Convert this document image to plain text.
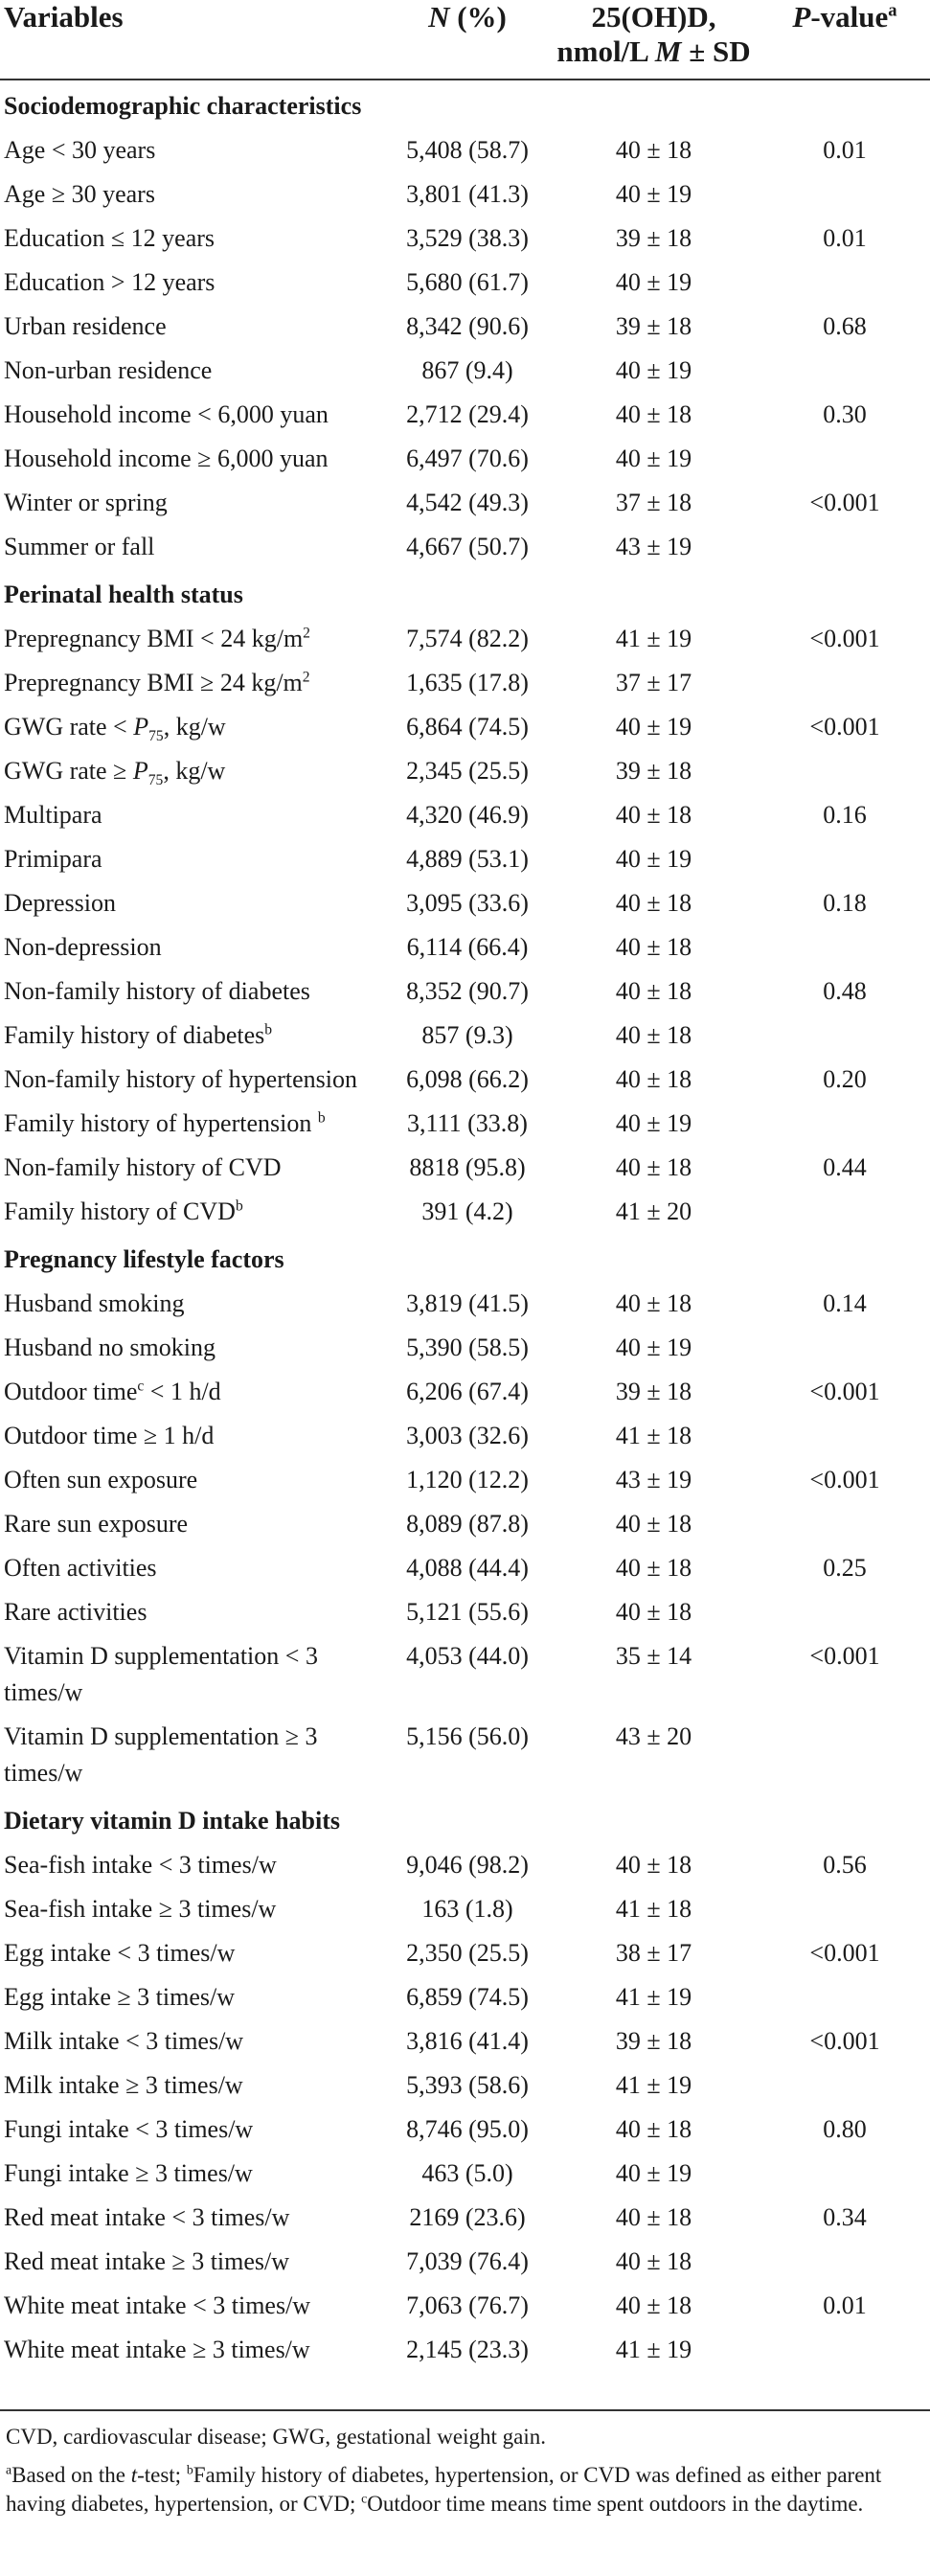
Variables	N (%)	25(OH)D,
nmol/L M ± SD	P-value$^a$
Sociodemographic characteristics			
Age < 30 years	5,408 (58.7)	40 ± 18	0.01
Age ≥ 30 years	3,801 (41.3)	40 ± 19	
Education ≤ 12 years	3,529 (38.3)	39 ± 18	0.01
Education > 12 years	5,680 (61.7)	40 ± 19	
Urban residence	8,342 (90.6)	39 ± 18	0.68
Non-urban residence	867 (9.4)	40 ± 19	
Household income < 6,000 yuan	2,712 (29.4)	40 ± 18	0.30
Household income ≥ 6,000 yuan	6,497 (70.6)	40 ± 19	
Winter or spring	4,542 (49.3)	37 ± 18	<0.001
Summer or fall	4,667 (50.7)	43 ± 19	
Perinatal health status			
Prepregnancy BMI < 24 $kg/m^2$	7,574 (82.2)	41 ± 19	<0.001
Prepregnancy BMI ≥ 24 $kg/m^2$	1,635 (17.8)	37 ± 17	
GWG rate < $P_{75}$, kg/w	6,864 (74.5)	40 ± 19	<0.001
GWG rate ≥ $P_{75}$, kg/w	2,345 (25.5)	39 ± 18	
Multipara	4,320 (46.9)	40 ± 18	0.16
Primipara	4,889 (53.1)	40 ± 19	
Depression	3,095 (33.6)	40 ± 18	0.18
Non-depression	6,114 (66.4)	40 ± 18	
Non-family history of diabetes	8,352 (90.7)	40 ± 18	0.48
Family history of diabetes$^b$	857 (9.3)	40 ± 18	
Non-family history of hypertension	6,098 (66.2)	40 ± 18	0.20
Family history of hypertension $^b$	3,111 (33.8)	40 ± 19	
Non-family history of CVD	8818 (95.8)	40 ± 18	0.44
Family history of CVD$^b$	391 (4.2)	41 ± 20	
Pregnancy lifestyle factors			
Husband smoking	3,819 (41.5)	40 ± 18	0.14
Husband no smoking	5,390 (58.5)	40 ± 19	
Outdoor time$^c$ < 1 h/d	6,206 (67.4)	39 ± 18	<0.001
Outdoor time ≥ 1 h/d	3,003 (32.6)	41 ± 18	
Often sun exposure	1,120 (12.2)	43 ± 19	<0.001
Rare sun exposure	8,089 (87.8)	40 ± 18	
Often activities	4,088 (44.4)	40 ± 18	0.25
Rare activities	5,121 (55.6)	40 ± 18	
Vitamin D supplementation < 3 times/w	4,053 (44.0)	35 ± 14	<0.001
Vitamin D supplementation ≥ 3 times/w	5,156 (56.0)	43 ± 20	
Dietary vitamin D intake habits			
Sea-fish intake < 3 times/w	9,046 (98.2)	40 ± 18	0.56
Sea-fish intake ≥ 3 times/w	163 (1.8)	41 ± 18	
Egg intake < 3 times/w	2,350 (25.5)	38 ± 17	<0.001
Egg intake ≥ 3 times/w	6,859 (74.5)	41 ± 19	
Milk intake < 3 times/w	3,816 (41.4)	39 ± 18	<0.001
Milk intake ≥ 3 times/w	5,393 (58.6)	41 ± 19	
Fungi intake < 3 times/w	8,746 (95.0)	40 ± 18	0.80
Fungi intake ≥ 3 times/w	463 (5.0)	40 ± 19	
Red meat intake < 3 times/w	2169 (23.6)	40 ± 18	0.34
Red meat intake ≥ 3 times/w	7,039 (76.4)	40 ± 18	
White meat intake < 3 times/w	7,063 (76.7)	40 ± 18	0.01
White meat intake ≥ 3 times/w	2,145 (23.3)	41 ± 19	

CVD, cardiovascular disease; GWG, gestational weight gain.

$^a$Based on the t-test; $^b$Family history of diabetes, hypertension, or CVD was defined as either parent having diabetes, hypertension, or CVD; $^c$Outdoor time means time spent outdoors in the daytime.
